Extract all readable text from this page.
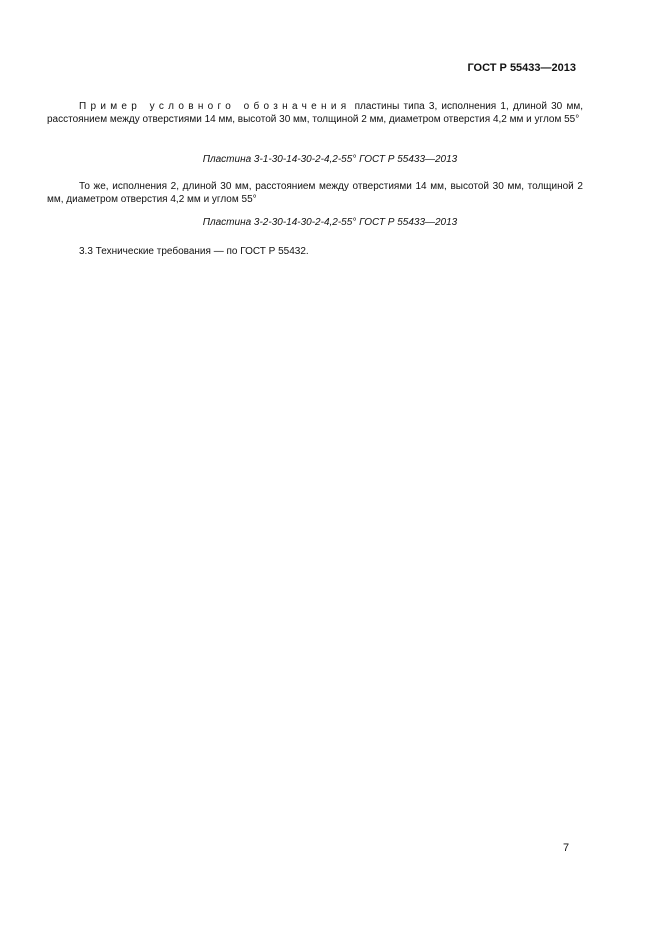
ГОСТ Р 55433—2013

Пример условного обозначения пластины типа 3, исполнения 1, длиной 30 мм, расстоянием между отверстиями 14 мм, высотой 30 мм, толщиной 2 мм, диаметром отверстия 4,2 мм и углом 55°

Пластина 3-1-30-14-30-2-4,2-55° ГОСТ Р 55433—2013

То же, исполнения 2, длиной 30 мм, расстоянием между отверстиями 14 мм, высотой 30 мм, толщиной 2 мм, диаметром отверстия 4,2 мм и углом 55°

Пластина 3-2-30-14-30-2-4,2-55° ГОСТ Р 55433—2013

3.3 Технические требования — по ГОСТ Р 55432.

7
